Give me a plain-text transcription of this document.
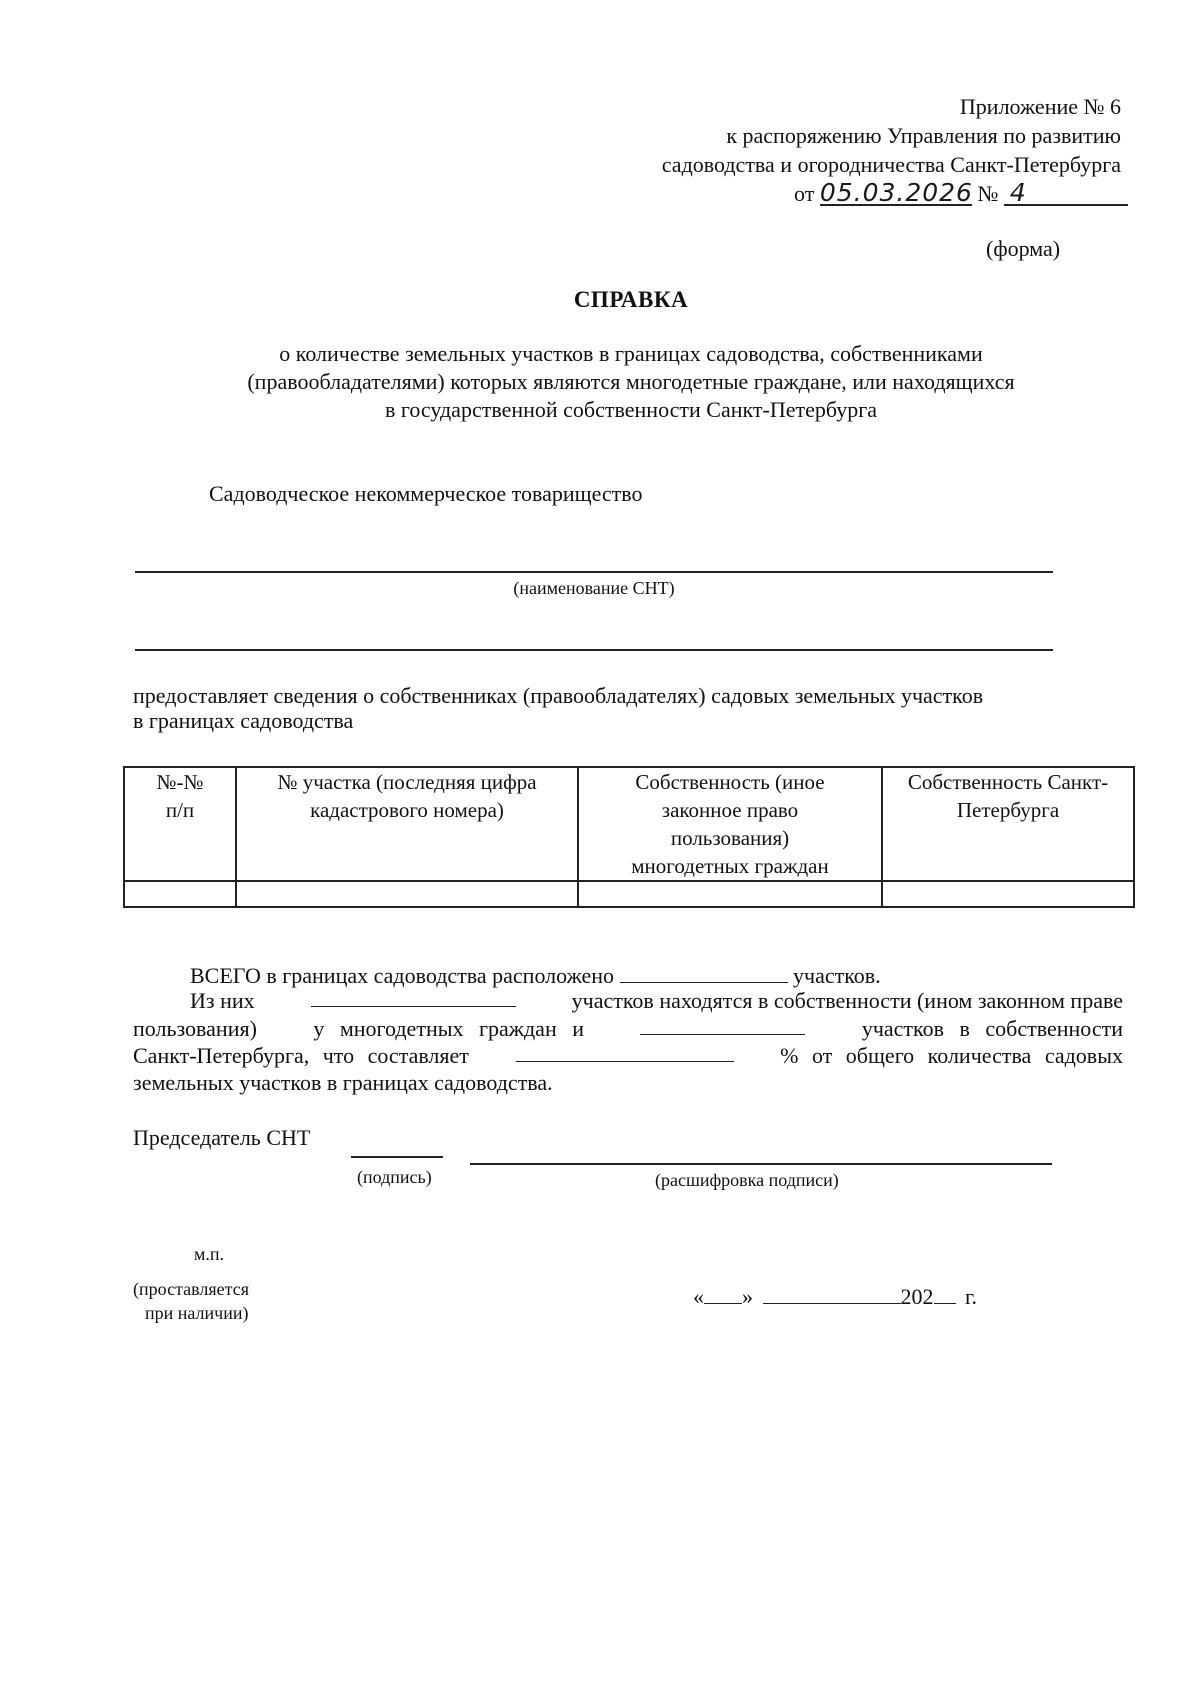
Приложение № 6
к распоряжению Управления по развитию
садоводства и огородничества Санкт-Петербурга
от 05.03.2026 № 4
(форма)
СПРАВКА
о количестве земельных участков в границах садоводства, собственниками
(правообладателями) которых являются многодетные граждане, или находящихся
в государственной собственности Санкт-Петербурга
Садоводческое некоммерческое товарищество
(наименование СНТ)
предоставляет сведения о собственниках (правообладателях) садовых земельных участков
в границах садоводства
№-№ п/п	№ участка (последняя цифра кадастрового номера)	Собственность (иное законное право пользования) многодетных граждан	Собственность Санкт-Петербурга

ВСЕГО в границах садоводства расположено	участков.
Из них	участков находятся в собственности (ином законном праве
пользования)	у многодетных граждан и	участков в собственности
Санкт-Петербурга, что составляет	% от общего количества садовых
земельных участков в границах садоводства.
Председатель СНТ
(подпись)	(расшифровка подписи)
м.п.
(проставляется
при наличии)
« »	202 г.
